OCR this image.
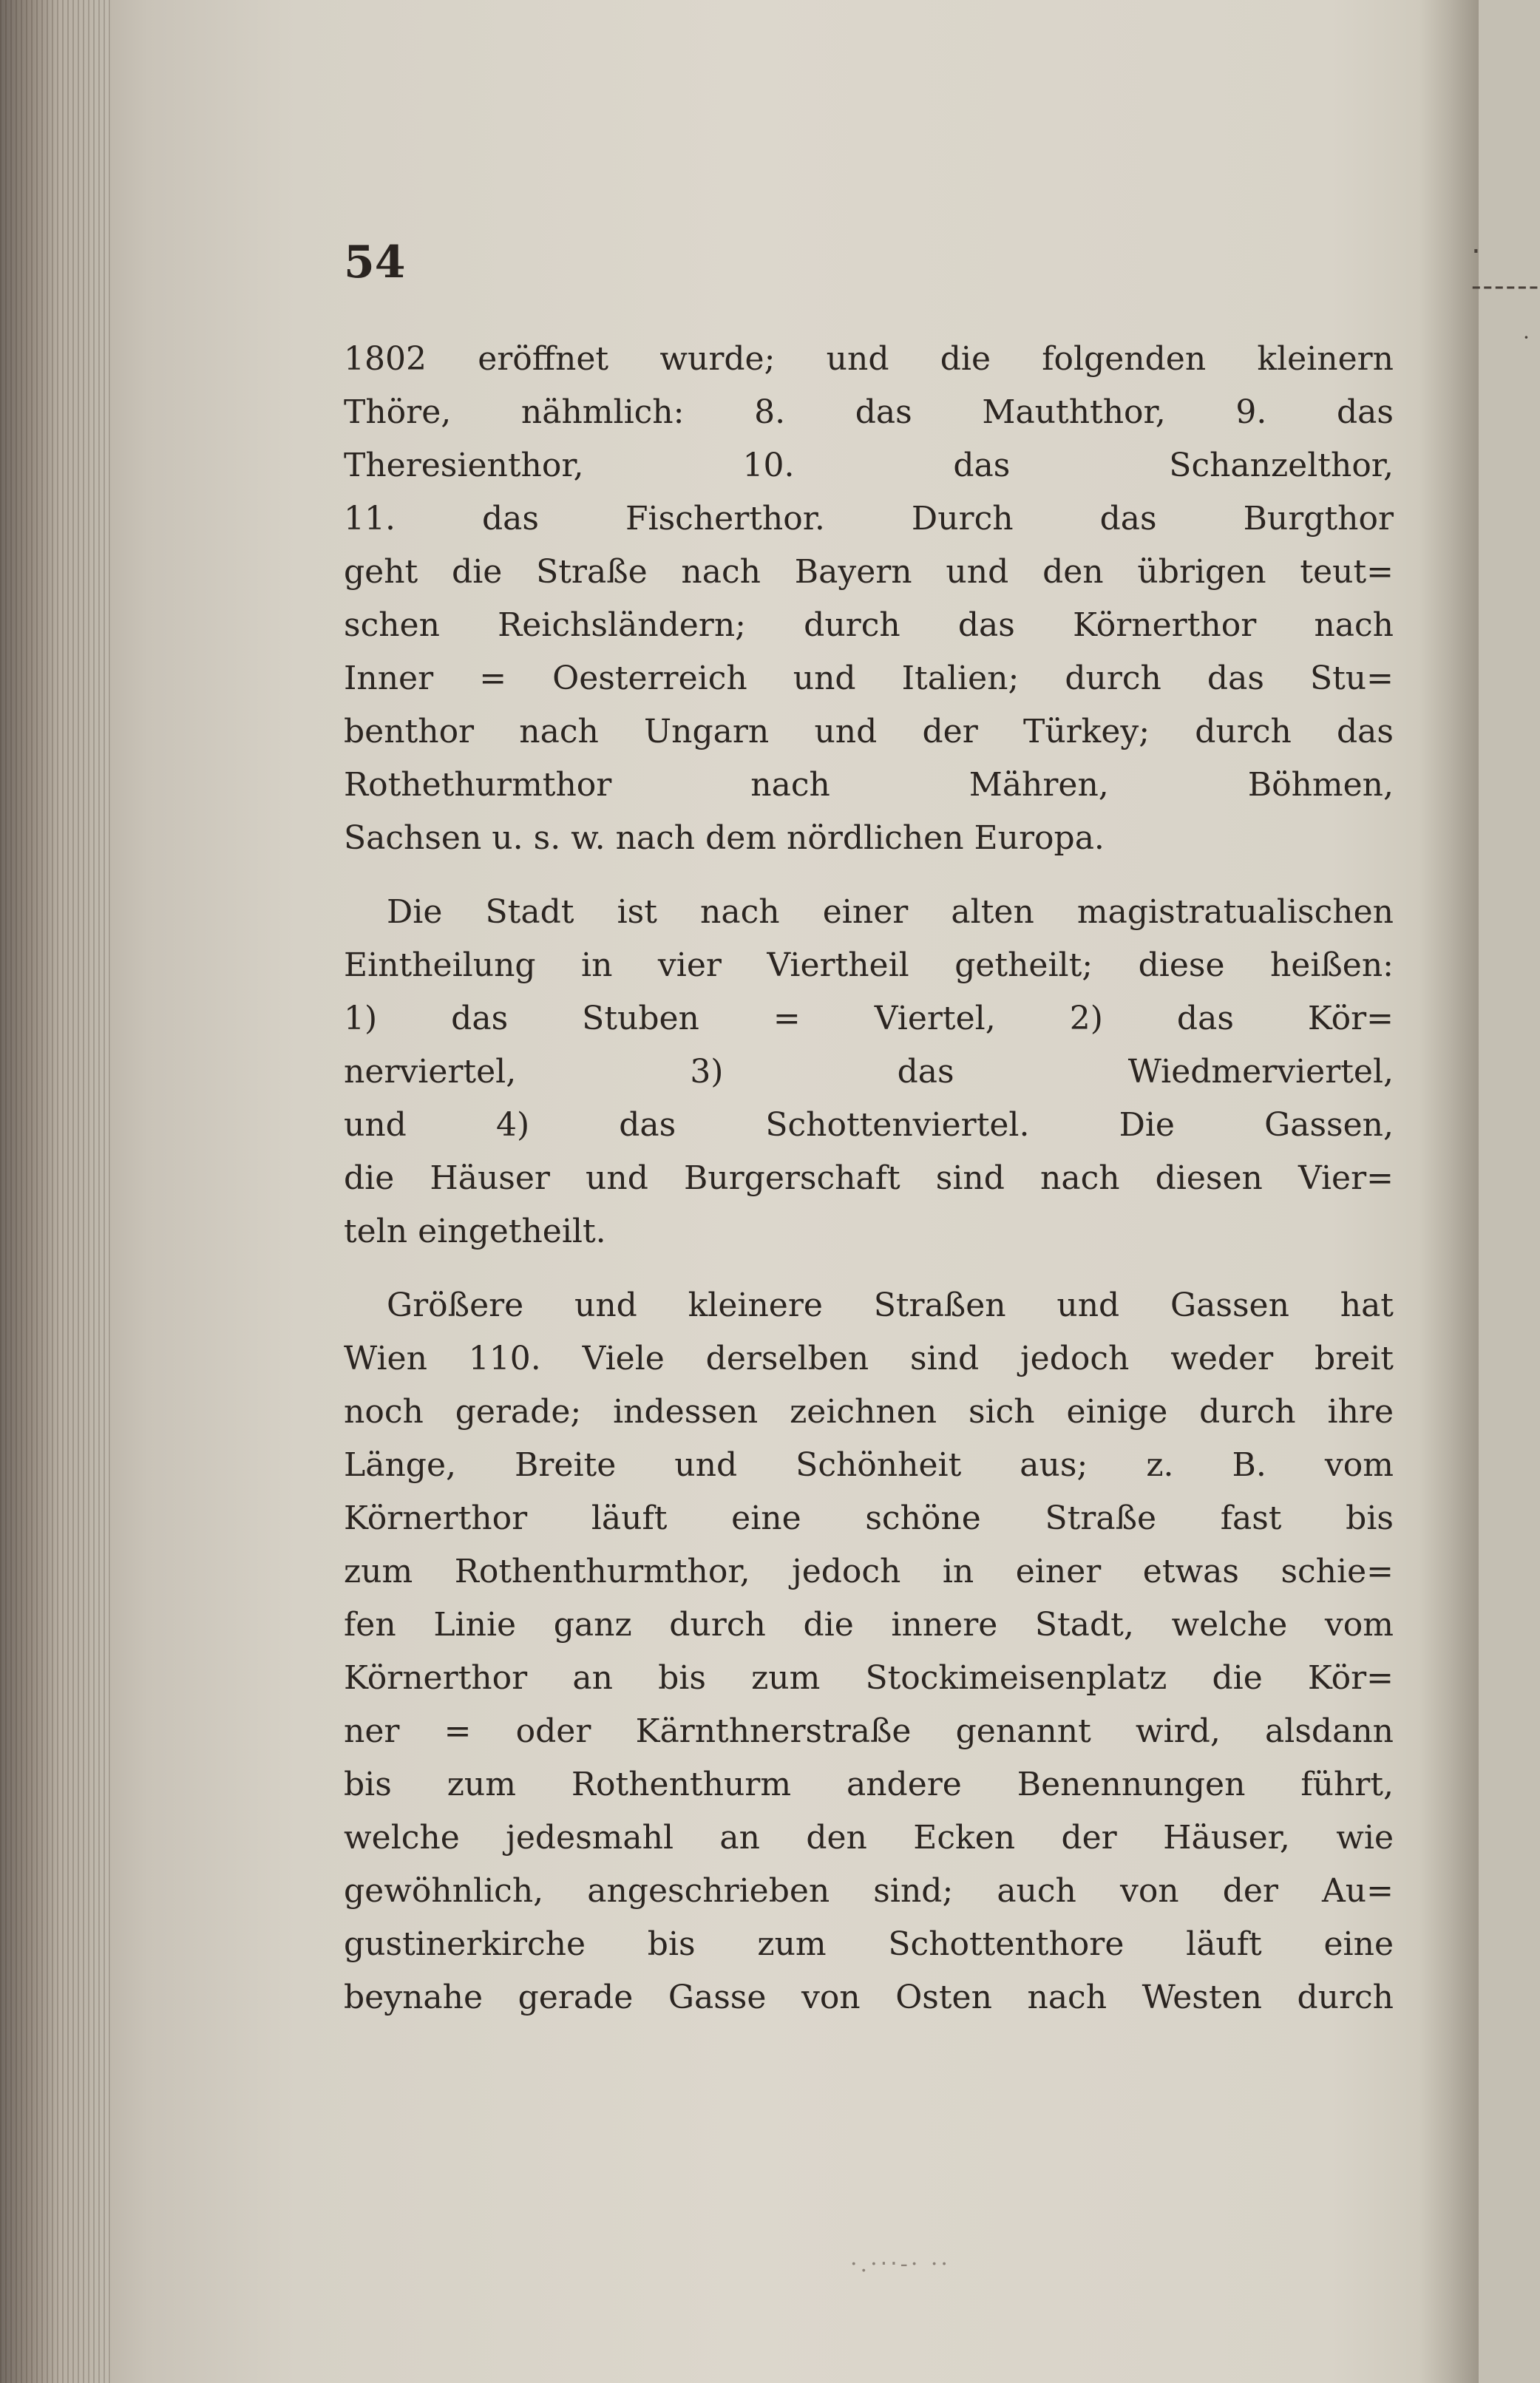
54	‧‑‑‑‑‑‑
·
1802 eröffnet wurde; und die folgenden kleinern
Thöre, nähmlich: 8. das Mauththor, 9. das
Theresienthor, 10. das Schanzelthor,
11. das Fischerthor. Durch das Burgthor
geht die Straße nach Bayern und den übrigen teut=
schen Reichsländern; durch das Körnerthor nach
Inner = Oesterreich und Italien; durch das Stu=
benthor nach Ungarn und der Türkey; durch das
Rothethurmthor nach Mähren, Böhmen,
Sachsen u. s. w. nach dem nördlichen Europa.
Die Stadt ist nach einer alten magistratualischen
Eintheilung in vier Viertheil getheilt; diese heißen:
1) das Stuben = Viertel, 2) das Kör=
nerviertel, 3) das Wiedmerviertel,
und 4) das Schottenviertel. Die Gassen,
die Häuser und Burgerschaft sind nach diesen Vier=
teln eingetheilt.
Größere und kleinere Straßen und Gassen hat
Wien 110. Viele derselben sind jedoch weder breit
noch gerade; indessen zeichnen sich einige durch ihre
Länge, Breite und Schönheit aus; z. B. vom
Körnerthor läuft eine schöne Straße fast bis
zum Rothenthurmthor, jedoch in einer etwas schie=
fen Linie ganz durch die innere Stadt, welche vom
Körnerthor an bis zum Stockimeisenplatz die Kör=
ner = oder Kärnthnerstraße genannt wird, alsdann
bis zum Rothenthurm andere Benennungen führt,
welche jedesmahl an den Ecken der Häuser, wie
gewöhnlich, angeschrieben sind; auch von der Au=
gustinerkirche bis zum Schottenthore läuft eine
beynahe gerade Gasse von Osten nach Westen durch
·.·‧‧‐· ··
